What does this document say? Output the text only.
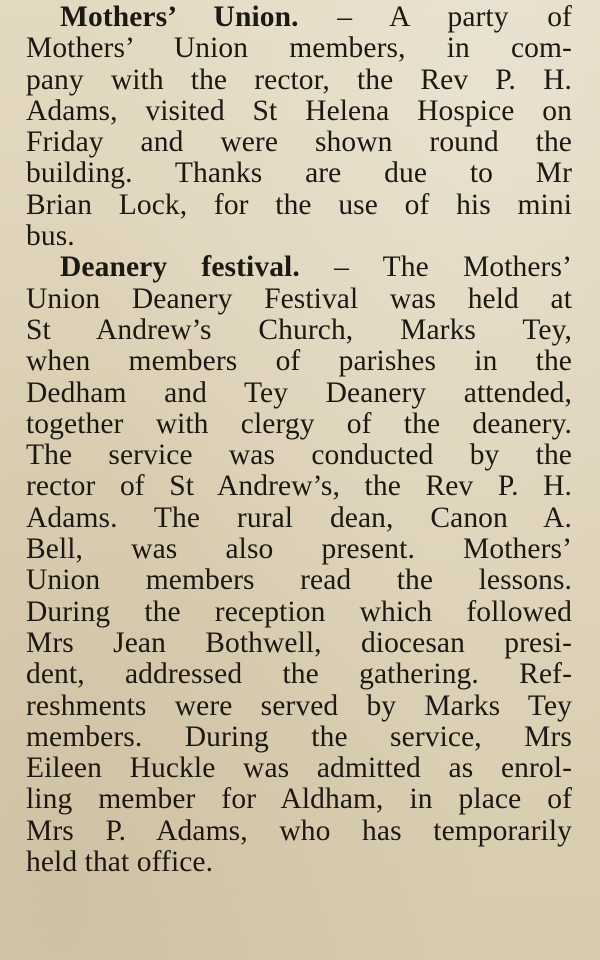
Mothers’ Union. – A party of
Mothers’ Union members, in com-
pany with the rector, the Rev P. H.
Adams, visited St Helena Hospice on
Friday and were shown round the
building. Thanks are due to Mr
Brian Lock, for the use of his mini
bus.

Deanery festival. – The Mothers’
Union Deanery Festival was held at
St Andrew’s Church, Marks Tey,
when members of parishes in the
Dedham and Tey Deanery attended,
together with clergy of the deanery.
The service was conducted by the
rector of St Andrew’s, the Rev P. H.
Adams. The rural dean, Canon A.
Bell, was also present. Mothers’
Union members read the lessons.
During the reception which followed
Mrs Jean Bothwell, diocesan presi-
dent, addressed the gathering. Ref-
reshments were served by Marks Tey
members. During the service, Mrs
Eileen Huckle was admitted as enrol-
ling member for Aldham, in place of
Mrs P. Adams, who has temporarily
held that office.
